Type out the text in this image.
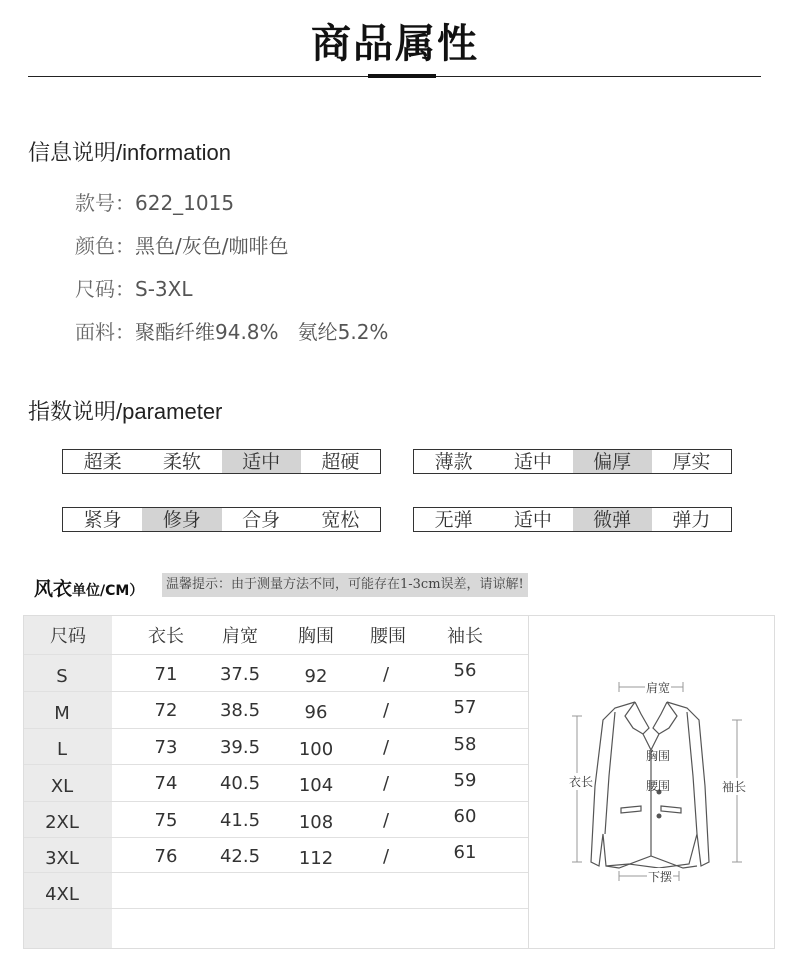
商品属性
信息说明/information
款号：622_1015
颜色：黑色/灰色/咖啡色
尺码：S-3XL
面料：聚酯纤维94.8%   氨纶5.2%
指数说明/parameter
超柔	柔软	适中	超硬	薄款	适中	偏厚	厚实
紧身	修身	合身	宽松	无弹	适中	微弹	弹力
风衣单位/CM）	温馨提示：由于测量方法不同，可能存在1-3cm误差，请谅解!
尺码	衣长	肩宽	胸围	腰围	袖长
S	71	37.5	92	/	56
M	72	38.5	96	/	57
L	73	39.5	100	/	58
XL	74	40.5	104	/	59
2XL	75	41.5	108	/	60
3XL	76	42.5	112	/	61
4XL
肩宽
胸围
腰围
衣长	袖长
下摆
